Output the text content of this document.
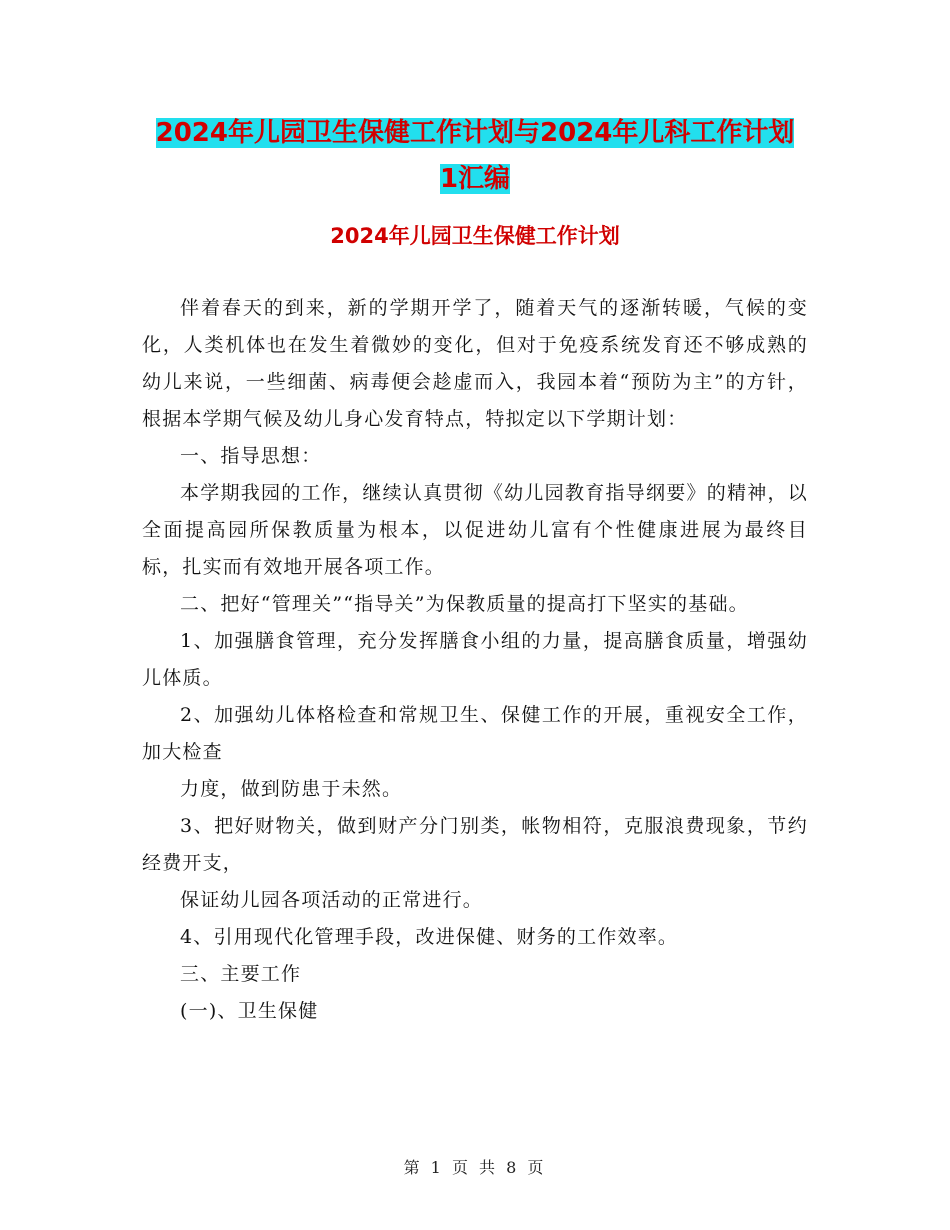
2024年儿园卫生保健工作计划与2024年儿科工作计划
1汇编
2024年儿园卫生保健工作计划

伴着春天的到来，新的学期开学了，随着天气的逐渐转暖，气候的变化，人类机体也在发生着微妙的变化，但对于免疫系统发育还不够成熟的幼儿来说，一些细菌、病毒便会趁虚而入，我园本着“预防为主”的方针，根据本学期气候及幼儿身心发育特点，特拟定以下学期计划：

一、指导思想：

本学期我园的工作，继续认真贯彻《幼儿园教育指导纲要》的精神，以全面提高园所保教质量为根本，以促进幼儿富有个性健康进展为最终目标，扎实而有效地开展各项工作。

二、把好“管理关”“指导关”为保教质量的提高打下坚实的基础。

1、加强膳食管理，充分发挥膳食小组的力量，提高膳食质量，增强幼儿体质。

2、加强幼儿体格检查和常规卫生、保健工作的开展，重视安全工作，加大检查

力度，做到防患于未然。

3、把好财物关，做到财产分门别类，帐物相符，克服浪费现象，节约经费开支，

保证幼儿园各项活动的正常进行。

4、引用现代化管理手段，改进保健、财务的工作效率。

三、主要工作

(一)、卫生保健

第 1 页 共 8 页
